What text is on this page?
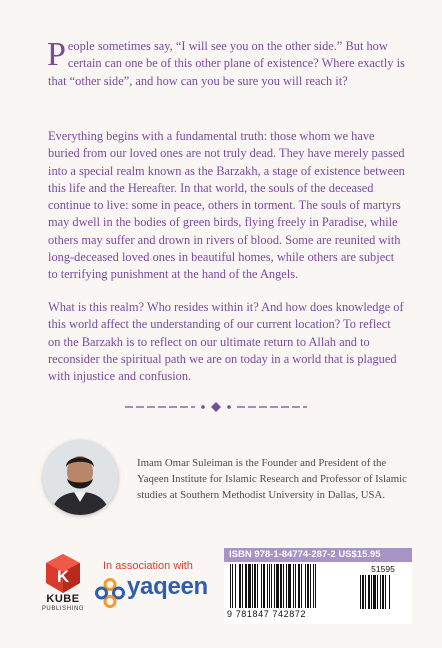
People sometimes say, “I will see you on the other side.” But how certain can one be of this other plane of existence? Where exactly is that “other side”, and how can you be sure you will reach it?
Everything begins with a fundamental truth: those whom we have buried from our loved ones are not truly dead. They have merely passed into a special realm known as the Barzakh, a stage of existence between this life and the Hereafter. In that world, the souls of the deceased continue to live: some in peace, others in torment. The souls of martyrs may dwell in the bodies of green birds, flying freely in Paradise, while others may suffer and drown in rivers of blood. Some are reunited with long-deceased loved ones in beautiful homes, while others are subject to terrifying punishment at the hand of the Angels.
What is this realm? Who resides within it? And how does knowledge of this world affect the understanding of our current location? To reflect on the Barzakh is to reflect on our ultimate return to Allah and to reconsider the spiritual path we are on today in a world that is plagued with injustice and confusion.
Imam Omar Suleiman is the Founder and President of the Yaqeen Institute for Islamic Research and Professor of Islamic studies at Southern Methodist University in Dallas, USA.
K
KUBE
PUBLISHING
In association with
yaqeen
ISBN 978-1-84774-287-2 US$15.95
51595
9 781847 742872
